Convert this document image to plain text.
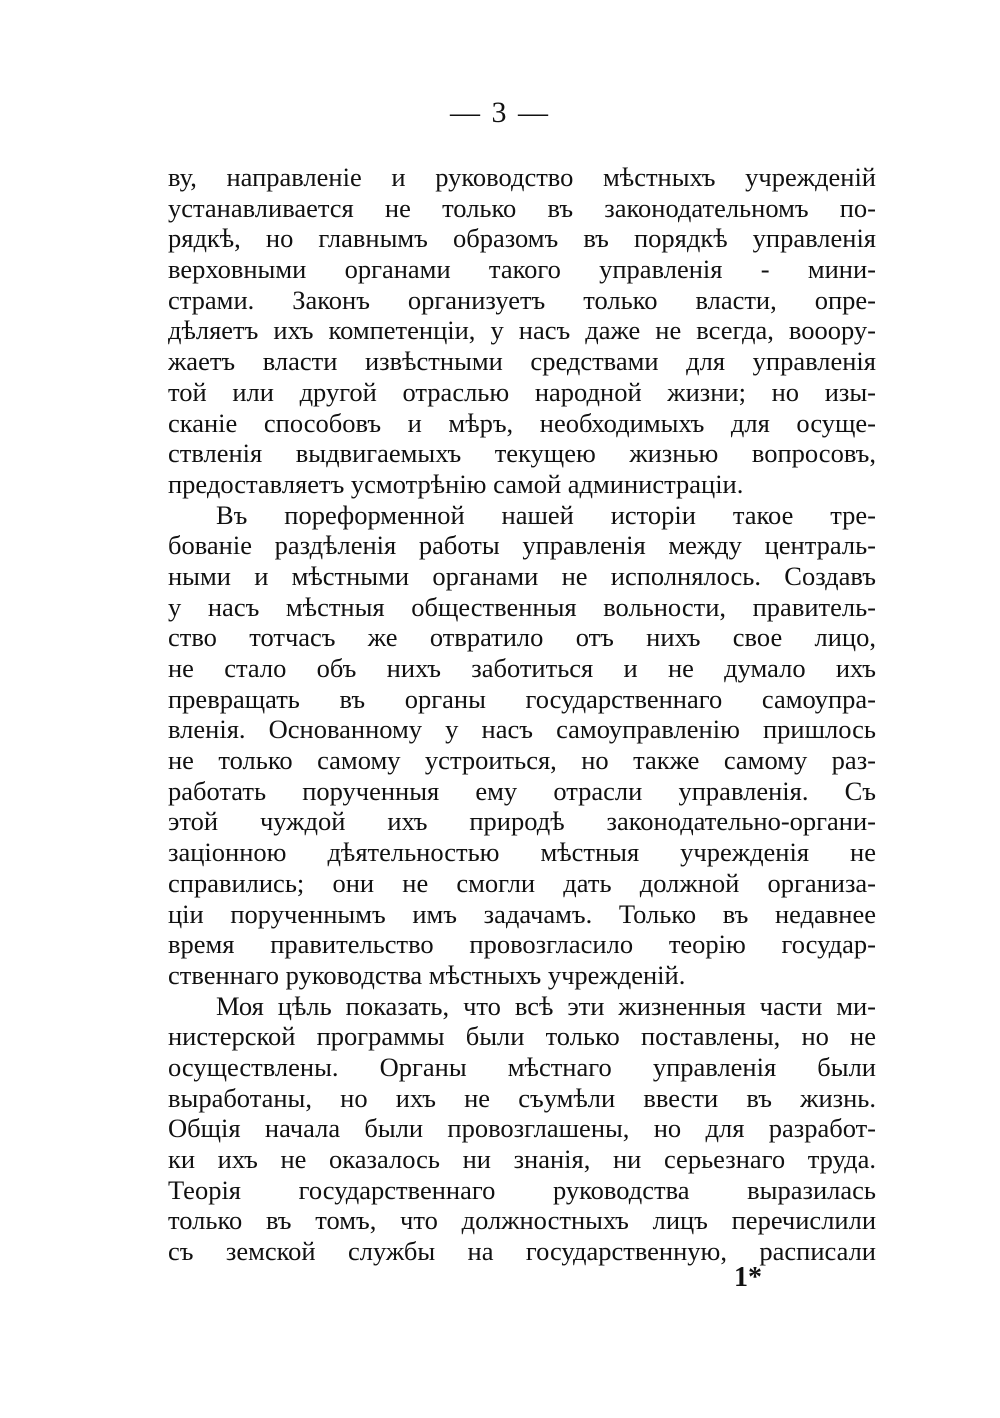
— 3 —
ву, направленіе и руководство мѣстныхъ учрежденій
устанавливается не только въ законодательномъ по-
рядкѣ, но главнымъ образомъ въ порядкѣ управленія
верховными органами такого управленія - мини-
страми. Законъ организуетъ только власти, опре-
дѣляетъ ихъ компетенціи, у насъ даже не всегда, вооору-
жаетъ власти извѣстными средствами для управленія
той или другой отраслью народной жизни; но изы-
сканіе способовъ и мѣръ, необходимыхъ для осуще-
ствленія выдвигаемыхъ текущею жизнью вопросовъ,
предоставляетъ усмотрѣнію самой администраціи.
Въ пореформенной нашей исторіи такое тре-
бованіе раздѣленія работы управленія между централь-
ными и мѣстными органами не исполнялось. Создавъ
у насъ мѣстныя общественныя вольности, правитель-
ство тотчасъ же отвратило отъ нихъ свое лицо,
не стало объ нихъ заботиться и не думало ихъ
превращать въ органы государственнаго самоупра-
вленія. Основанному у насъ самоуправленію пришлось
не только самому устроиться, но также самому раз-
работать порученныя ему отрасли управленія. Съ
этой чуждой ихъ природѣ законодательно-органи-
заціонною дѣятельностью мѣстныя учрежденія не
справились; они не смогли дать должной организа-
ціи порученнымъ имъ задачамъ. Только въ недавнее
время правительство провозгласило теорію государ-
ственнаго руководства мѣстныхъ учрежденій.
Моя цѣль показать, что всѣ эти жизненныя части ми-
нистерской программы были только поставлены, но не
осуществлены. Органы мѣстнаго управленія были
выработаны, но ихъ не съумѣли ввести въ жизнь.
Общія начала были провозглашены, но для разработ-
ки ихъ не оказалось ни знанія, ни серьезнаго труда.
Теорія государственнаго руководства выразилась
только въ томъ, что должностныхъ лицъ перечислили
съ земской службы на государственную, расписали
1*
